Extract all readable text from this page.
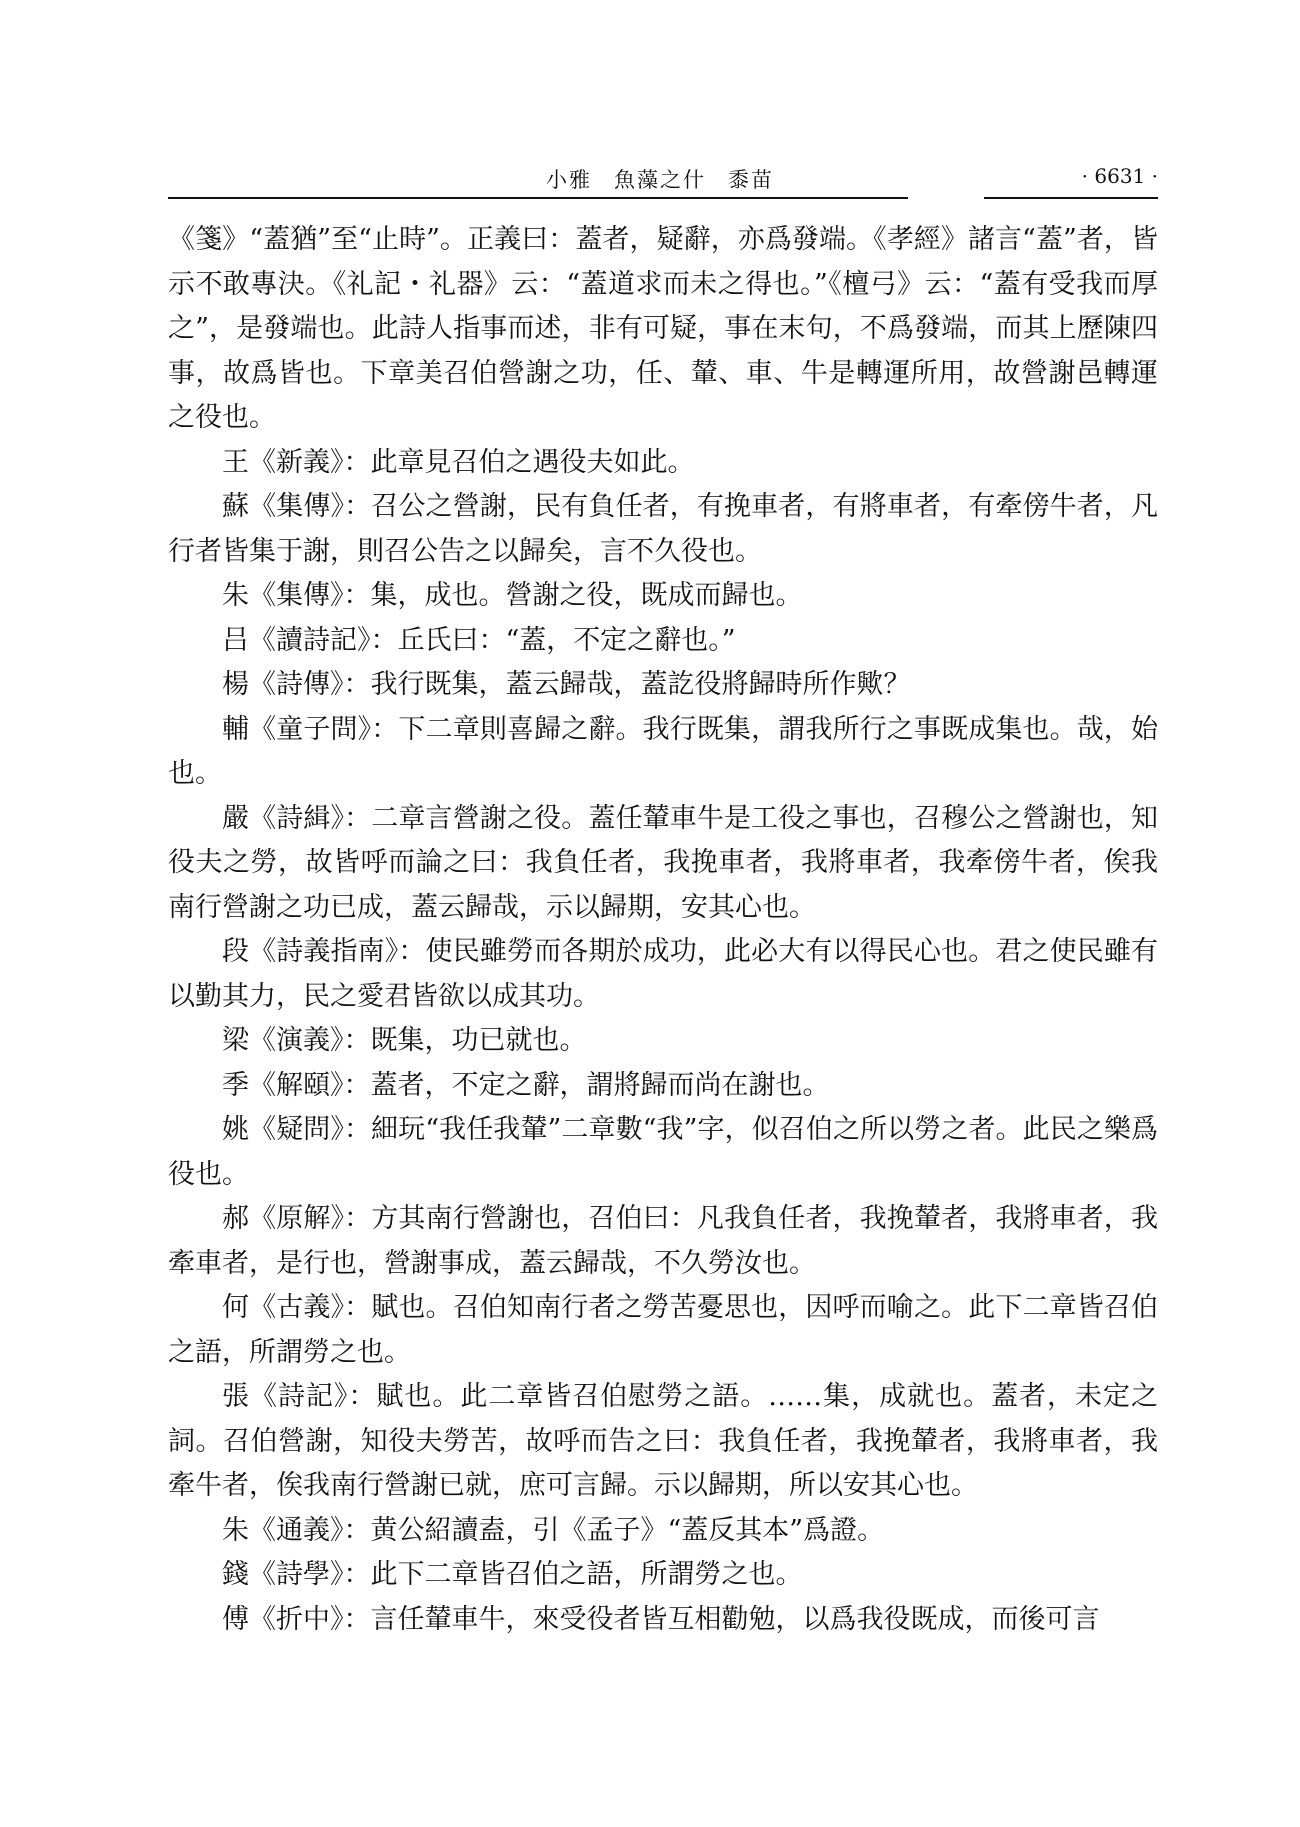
小雅 魚藻之什 黍苗	· 6631 ·

《箋》“蓋猶”至“止時”。正義曰：蓋者，疑辭，亦爲發端。《孝經》諸言“蓋”者，皆示不敢專決。《礼記・礼器》云：“蓋道求而未之得也。”《檀弓》云：“蓋有受我而厚之”，是發端也。此詩人指事而述，非有可疑，事在末句，不爲發端，而其上歷陳四事，故爲皆也。下章美召伯營謝之功，任、輦、車、牛是轉運所用，故營謝邑轉運之役也。

王《新義》：此章見召伯之遇役夫如此。

蘇《集傳》：召公之營謝，民有負任者，有挽車者，有將車者，有牽傍牛者，凡行者皆集于謝，則召公告之以歸矣，言不久役也。

朱《集傳》：集，成也。營謝之役，既成而歸也。

吕《讀詩記》：丘氏曰：“蓋，不定之辭也。”

楊《詩傳》：我行既集，蓋云歸哉，蓋訖役將歸時所作歟？

輔《童子問》：下二章則喜歸之辭。我行既集，謂我所行之事既成集也。哉，始也。

嚴《詩緝》：二章言營謝之役。蓋任輦車牛是工役之事也，召穆公之營謝也，知役夫之勞，故皆呼而論之曰：我負任者，我挽車者，我將車者，我牽傍牛者，俟我南行營謝之功已成，蓋云歸哉，示以歸期，安其心也。

段《詩義指南》：使民雖勞而各期於成功，此必大有以得民心也。君之使民雖有以勤其力，民之愛君皆欲以成其功。

梁《演義》：既集，功已就也。

季《解頤》：蓋者，不定之辭，謂將歸而尚在謝也。

姚《疑問》：細玩“我任我輦”二章數“我”字，似召伯之所以勞之者。此民之樂爲役也。

郝《原解》：方其南行營謝也，召伯曰：凡我負任者，我挽輦者，我將車者，我牽車者，是行也，營謝事成，蓋云歸哉，不久勞汝也。

何《古義》：賦也。召伯知南行者之勞苦憂思也，因呼而喻之。此下二章皆召伯之語，所謂勞之也。

張《詩記》：賦也。此二章皆召伯慰勞之語。……集，成就也。蓋者，未定之詞。召伯營謝，知役夫勞苦，故呼而告之曰：我負任者，我挽輦者，我將車者，我牽牛者，俟我南行營謝已就，庶可言歸。示以歸期，所以安其心也。

朱《通義》：黄公紹讀盍，引《孟子》“蓋反其本”爲證。

錢《詩學》：此下二章皆召伯之語，所謂勞之也。

傅《折中》：言任輦車牛，來受役者皆互相勸勉，以爲我役既成，而後可言
